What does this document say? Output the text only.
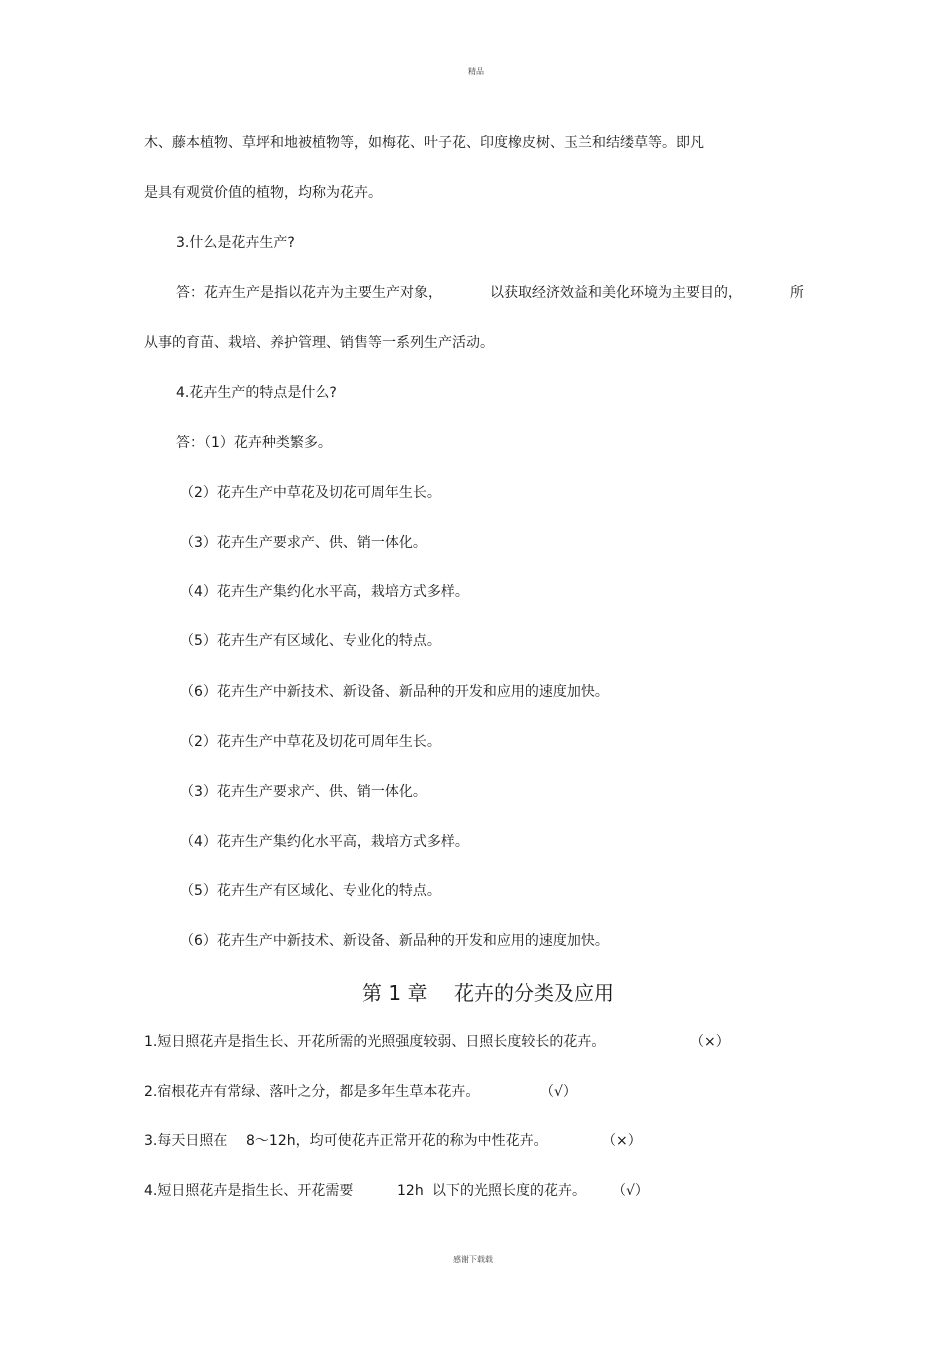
精品
木、藤本植物、草坪和地被植物等，如梅花、叶子花、印度橡皮树、玉兰和结缕草等。即凡
是具有观赏价值的植物，均称为花卉。
3.什么是花卉生产?
答：花卉生产是指以花卉为主要生产对象，	以获取经济效益和美化环境为主要目的，	所
从事的育苗、栽培、养护管理、销售等一系列生产活动。
4.花卉生产的特点是什么?
答：（1）花卉种类繁多。
（2）花卉生产中草花及切花可周年生长。
（3）花卉生产要求产、供、销一体化。
（4）花卉生产集约化水平高，栽培方式多样。
（5）花卉生产有区域化、专业化的特点。
（6）花卉生产中新技术、新设备、新品种的开发和应用的速度加快。
（2）花卉生产中草花及切花可周年生长。
（3）花卉生产要求产、供、销一体化。
（4）花卉生产集约化水平高，栽培方式多样。
（5）花卉生产有区域化、专业化的特点。
（6）花卉生产中新技术、新设备、新品种的开发和应用的速度加快。
第 1 章 花卉的分类及应用
1.短日照花卉是指生长、开花所需的光照强度较弱、日照长度较长的花卉。	（×）
2.宿根花卉有常绿、落叶之分，都是多年生草本花卉。	（√）
3.每天日照在 8～12h，均可使花卉正常开花的称为中性花卉。	（×）
4.短日照花卉是指生长、开花需要	12h 以下的光照长度的花卉。 （√）
感谢下载载
